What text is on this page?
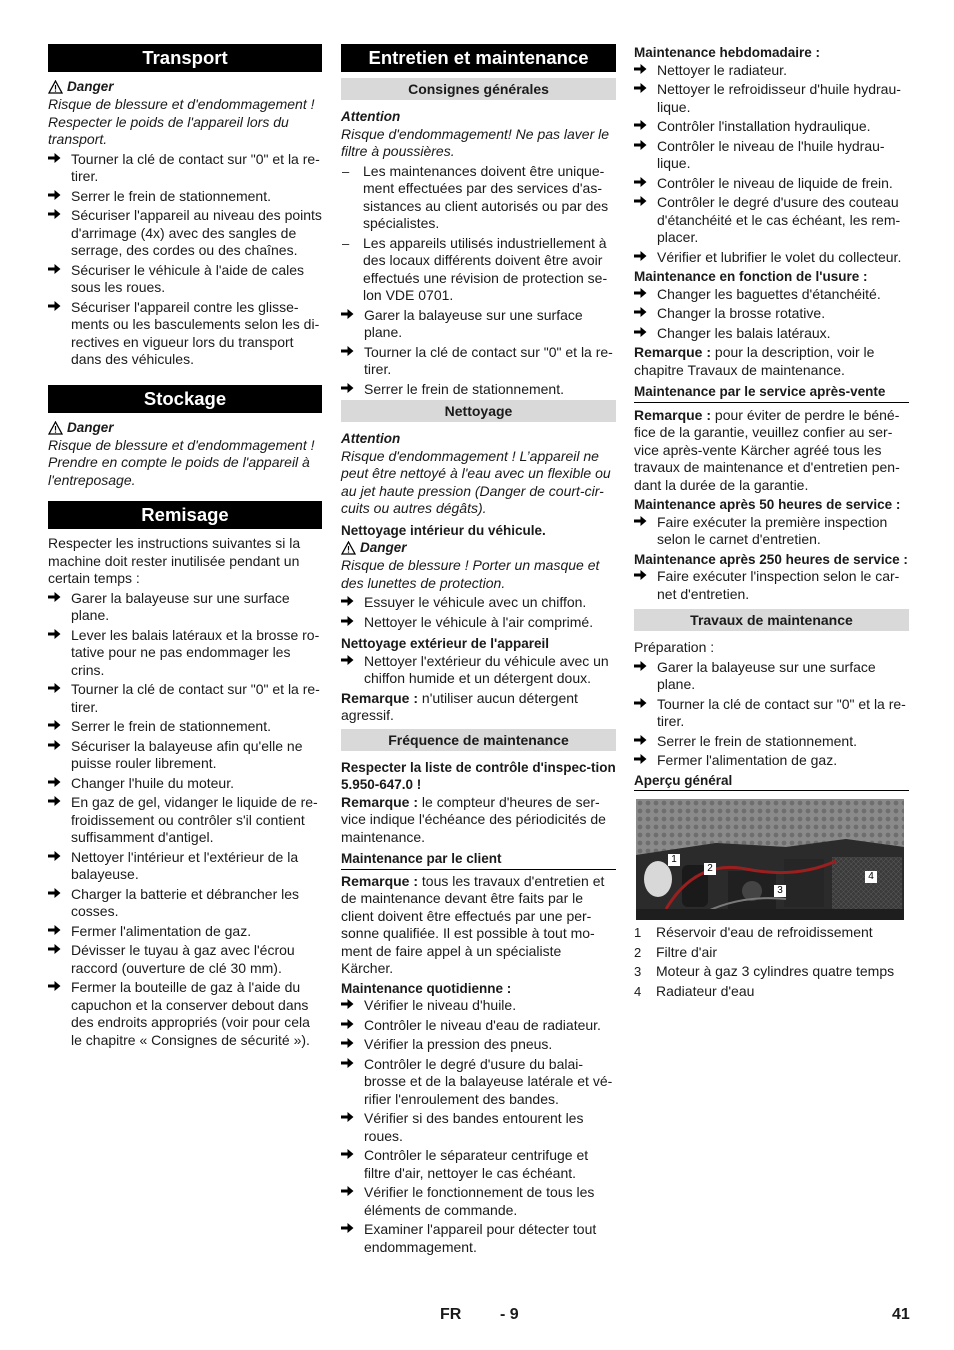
Transport
Danger
Risque de blessure et d'endommagement ! Respecter le poids de l'appareil lors du transport.
Tourner la clé de contact sur "0" et la re-tirer.
Serrer le frein de stationnement.
Sécuriser l'appareil au niveau des points d'arrimage (4x) avec des sangles de serrage, des cordes ou des chaînes.
Sécuriser le véhicule à l'aide de cales sous les roues.
Sécuriser l'appareil contre les glisse-ments ou les basculements selon les di-rectives en vigueur lors du transport dans des véhicules.
Stockage
Danger
Risque de blessure et d'endommagement ! Prendre en compte le poids de l'appareil à l'entreposage.
Remisage
Respecter les instructions suivantes si la machine doit rester inutilisée pendant un certain temps :
Garer la balayeuse sur une surface plane.
Lever les balais latéraux et la brosse ro-tative pour ne pas endommager les crins.
Tourner la clé de contact sur "0" et la re-tirer.
Serrer le frein de stationnement.
Sécuriser la balayeuse afin qu'elle ne puisse rouler librement.
Changer l'huile du moteur.
En gaz de gel, vidanger le liquide de re-froidissement ou contrôler s'il contient suffisamment d'antigel.
Nettoyer l'intérieur et l'extérieur de la balayeuse.
Charger la batterie et débrancher les cosses.
Fermer l'alimentation de gaz.
Dévisser le tuyau à gaz avec l'écrou raccord (ouverture de clé 30 mm).
Fermer la bouteille de gaz à l'aide du capuchon et la conserver debout dans des endroits appropriés (voir pour cela le chapitre « Consignes de sécurité »).
Entretien et maintenance
Consignes générales
Attention
Risque d'endommagement! Ne pas laver le filtre à poussières.
– Les maintenances doivent être unique-ment effectuées par des services d'as-sistances au client autorisés ou par des spécialistes.
– Les appareils utilisés industriellement à des locaux différents doivent être avoir effectués une révision de protection se-lon VDE 0701.
Garer la balayeuse sur une surface plane.
Tourner la clé de contact sur "0" et la re-tirer.
Serrer le frein de stationnement.
Nettoyage
Attention
Risque d'endommagement ! L’appareil ne peut être nettoyé à l'eau avec un flexible ou au jet haute pression (Danger de court-cir-cuits ou autres dégâts).
Nettoyage intérieur du véhicule.
Danger
Risque de blessure ! Porter un masque et des lunettes de protection.
Essuyer le véhicule avec un chiffon.
Nettoyer le véhicule à l'air comprimé.
Nettoyage extérieur de l'appareil
Nettoyer l'extérieur du véhicule avec un chiffon humide et un détergent doux.
Remarque : n'utiliser aucun détergent agressif.
Fréquence de maintenance
Respecter la liste de contrôle d'inspec-tion 5.950-647.0 !
Remarque : le compteur d'heures de ser-vice indique l'échéance des périodicités de maintenance.
Maintenance par le client
Remarque : tous les travaux d'entretien et de maintenance devant être faits par le client doivent être effectués par une per-sonne qualifiée. Il est possible à tout mo-ment de faire appel à un spécialiste Kärcher.
Maintenance quotidienne :
Vérifier le niveau d'huile.
Contrôler le niveau d'eau de radiateur.
Vérifier la pression des pneus.
Contrôler le degré d'usure du balai-brosse et de la balayeuse latérale et vé-rifier l'enroulement des bandes.
Vérifier si des bandes entourent les roues.
Contrôler le séparateur centrifuge et filtre d'air, nettoyer le cas échéant.
Vérifier le fonctionnement de tous les éléments de commande.
Examiner l'appareil pour détecter tout endommagement.
Maintenance hebdomadaire :
Nettoyer le radiateur.
Nettoyer le refroidisseur d'huile hydrau-lique.
Contrôler l'installation hydraulique.
Contrôler le niveau de l'huile hydrau-lique.
Contrôler le niveau de liquide de frein.
Contrôler le degré d'usure des couteau d'étanchéité et le cas échéant, les rem-placer.
Vérifier et lubrifier le volet du collecteur.
Maintenance en fonction de l'usure :
Changer les baguettes d'étanchéité.
Changer la brosse rotative.
Changer les balais latéraux.
Remarque : pour la description, voir le chapitre Travaux de maintenance.
Maintenance par le service après-vente
Remarque : pour éviter de perdre le béné-fice de la garantie, veuillez confier au ser-vice après-vente Kärcher agréé tous les travaux de maintenance et d'entretien pen-dant la durée de la garantie.
Maintenance après 50 heures de service :
Faire exécuter la première inspection selon le carnet d'entretien.
Maintenance après 250 heures de service :
Faire exécuter l'inspection selon le car-net d'entretien.
Travaux de maintenance
Préparation :
Garer la balayeuse sur une surface plane.
Tourner la clé de contact sur "0" et la re-tirer.
Serrer le frein de stationnement.
Fermer l'alimentation de gaz.
Aperçu général
1
2
3
4
1	Réservoir d'eau de refroidissement
2	Filtre d'air
3	Moteur à gaz 3 cylindres quatre temps
4	Radiateur d'eau
FR - 9	41
